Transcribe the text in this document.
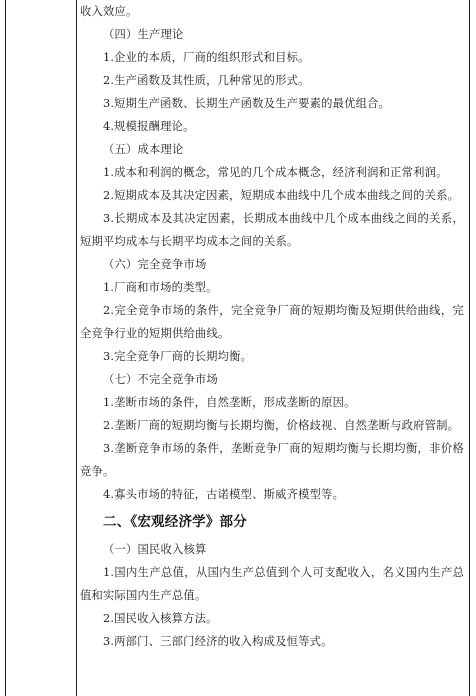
收入效应。

（四）生产理论

1.企业的本质，厂商的组织形式和目标。

2.生产函数及其性质，几种常见的形式。

3.短期生产函数、长期生产函数及生产要素的最优组合。

4.规模报酬理论。

（五）成本理论

1.成本和利润的概念，常见的几个成本概念，经济利润和正常利润。

2.短期成本及其决定因素，短期成本曲线中几个成本曲线之间的关系。

3.长期成本及其决定因素，长期成本曲线中几个成本曲线之间的关系，短期平均成本与长期平均成本之间的关系。

（六）完全竞争市场

1.厂商和市场的类型。

2.完全竞争市场的条件，完全竞争厂商的短期均衡及短期供给曲线，完全竞争行业的短期供给曲线。

3.完全竞争厂商的长期均衡。

（七）不完全竞争市场

1.垄断市场的条件，自然垄断，形成垄断的原因。

2.垄断厂商的短期均衡与长期均衡，价格歧视、自然垄断与政府管制。

3.垄断竞争市场的条件，垄断竞争厂商的短期均衡与长期均衡，非价格竞争。

4.寡头市场的特征，古诺模型、斯威齐模型等。

二、《宏观经济学》部分

（一）国民收入核算

1.国内生产总值，从国内生产总值到个人可支配收入，名义国内生产总值和实际国内生产总值。

2.国民收入核算方法。

3.两部门、三部门经济的收入构成及恒等式。
